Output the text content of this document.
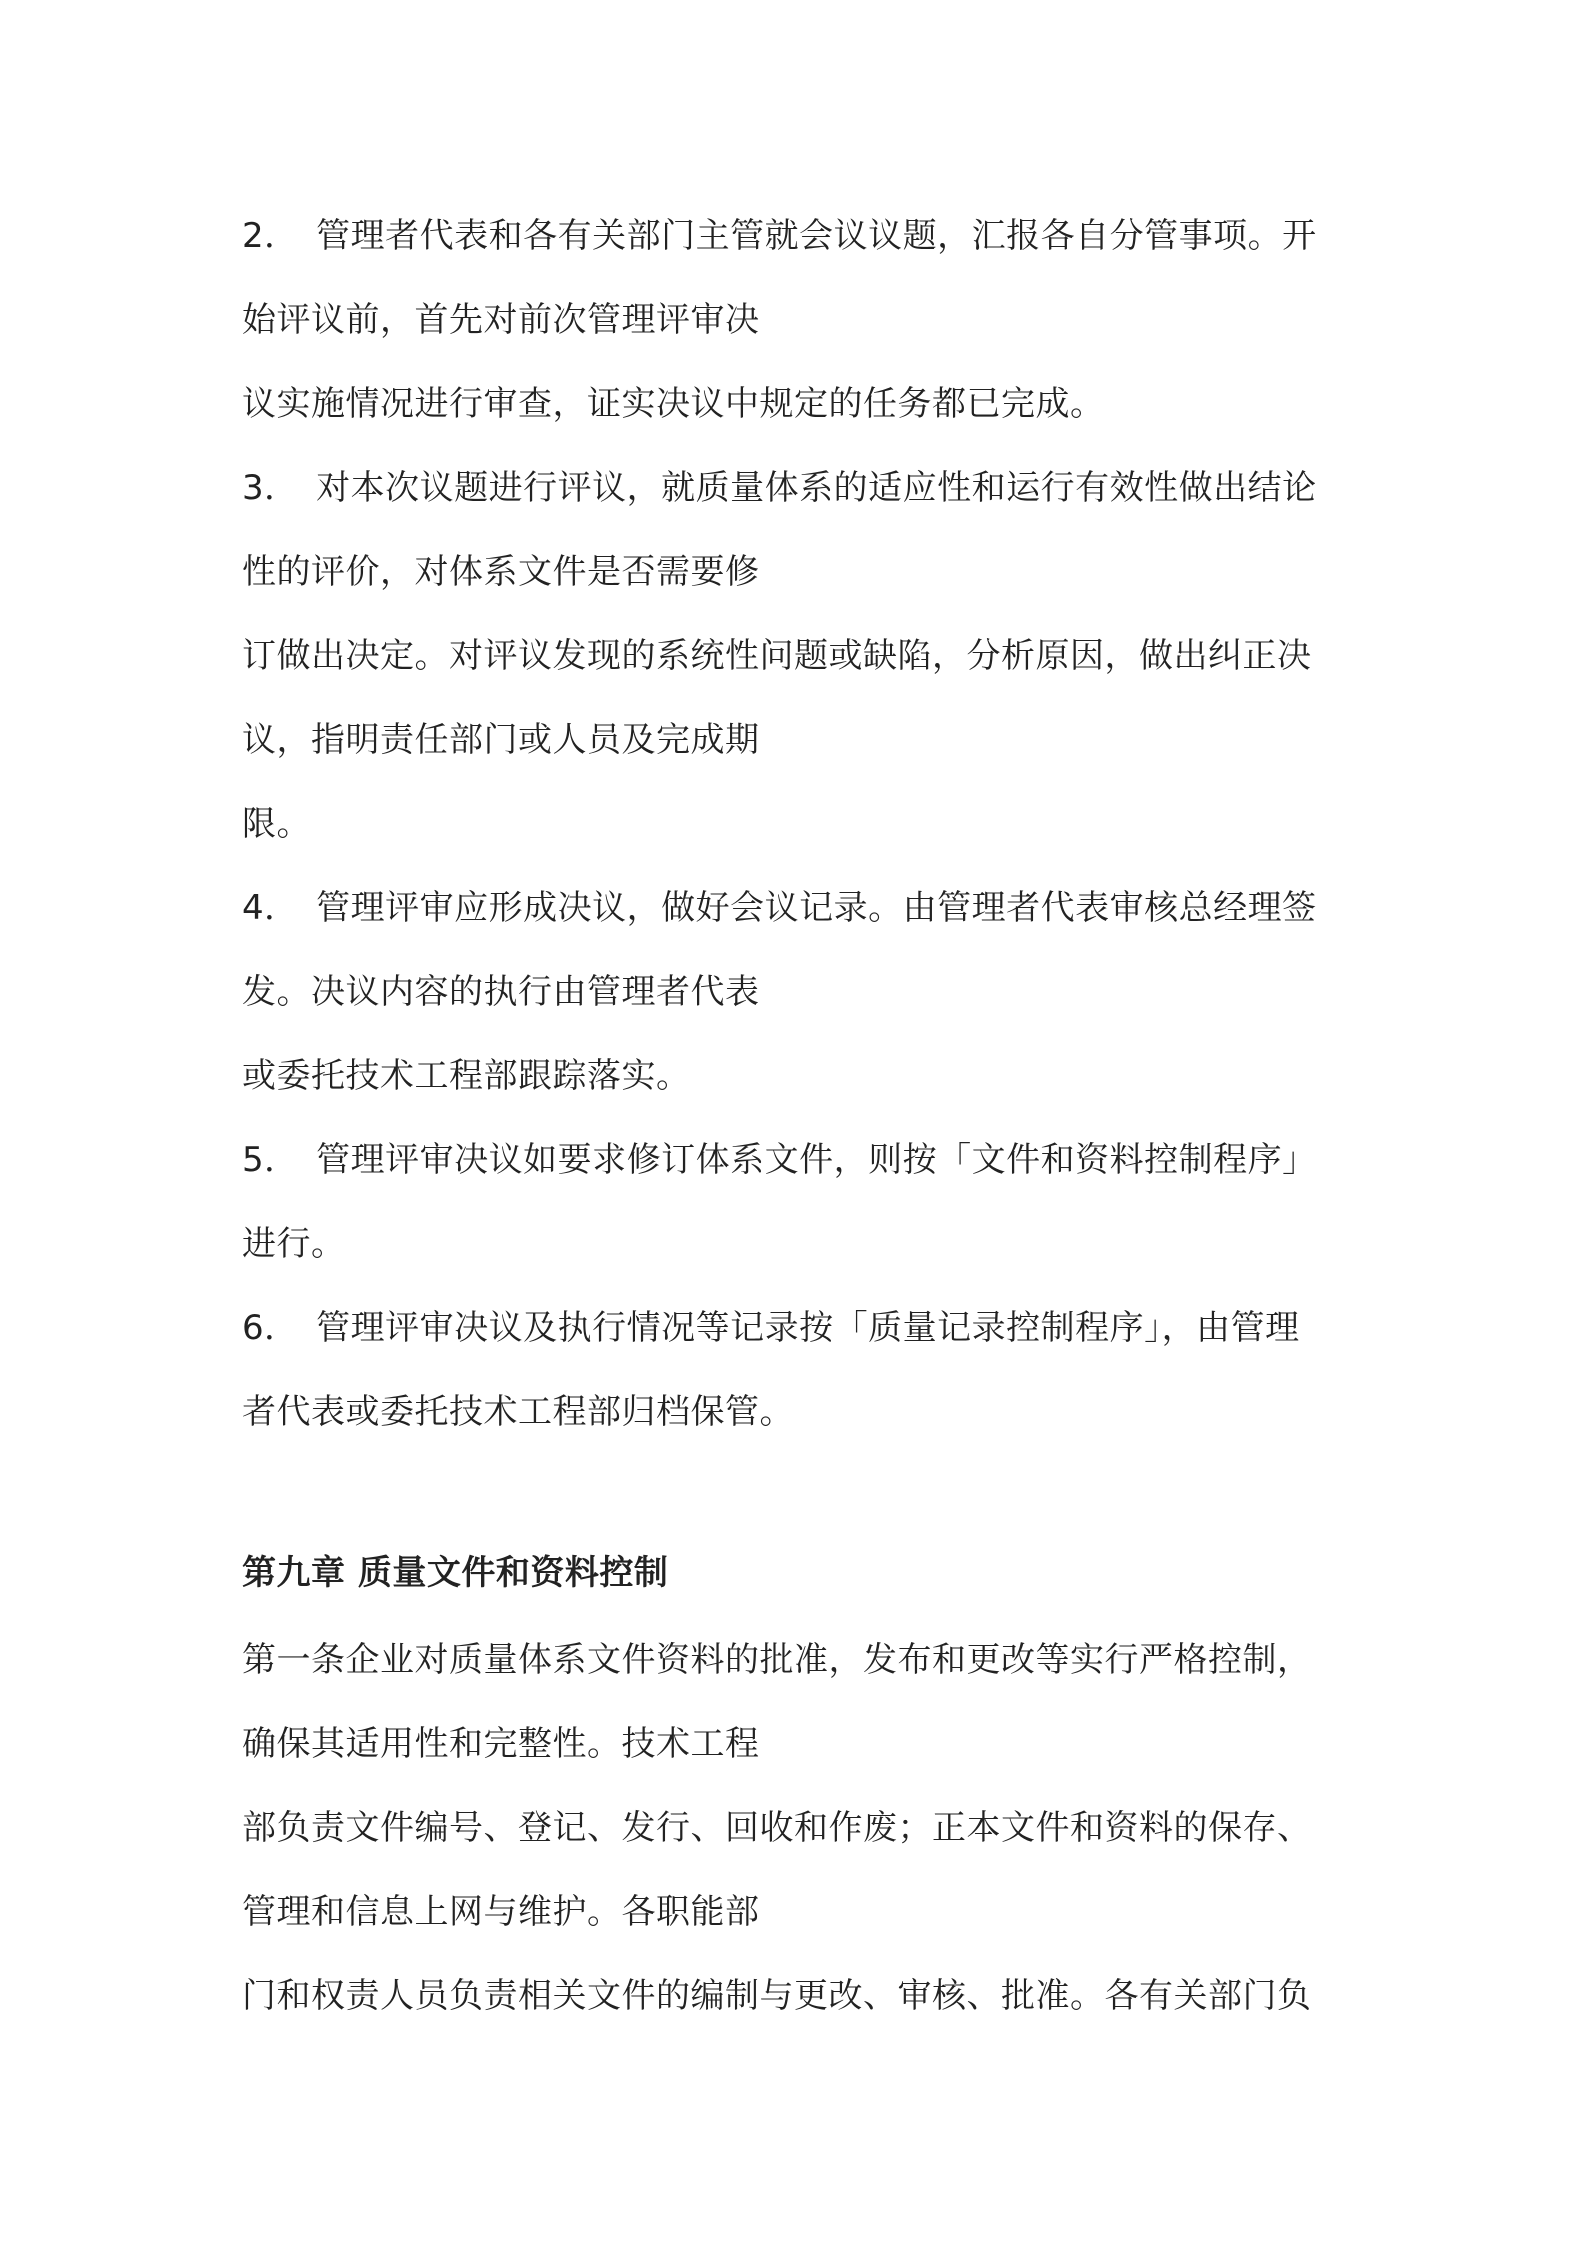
2．　管理者代表和各有关部门主管就会议议题，汇报各自分管事项。开
始评议前，首先对前次管理评审决
议实施情况进行审查，证实决议中规定的任务都已完成。
3．　对本次议题进行评议，就质量体系的适应性和运行有效性做出结论
性的评价，对体系文件是否需要修
订做出决定。对评议发现的系统性问题或缺陷，分析原因，做出纠正决
议，指明责任部门或人员及完成期
限。
4．　管理评审应形成决议，做好会议记录。由管理者代表审核总经理签
发。决议内容的执行由管理者代表
或委托技术工程部跟踪落实。
5．　管理评审决议如要求修订体系文件，则按「文件和资料控制程序」
进行。
6．　管理评审决议及执行情况等记录按「质量记录控制程序」，由管理
者代表或委托技术工程部归档保管。
第九章 质量文件和资料控制
第一条企业对质量体系文件资料的批准，发布和更改等实行严格控制，
确保其适用性和完整性。技术工程
部负责文件编号、登记、发行、回收和作废；正本文件和资料的保存、
管理和信息上网与维护。各职能部
门和权责人员负责相关文件的编制与更改、审核、批准。各有关部门负
